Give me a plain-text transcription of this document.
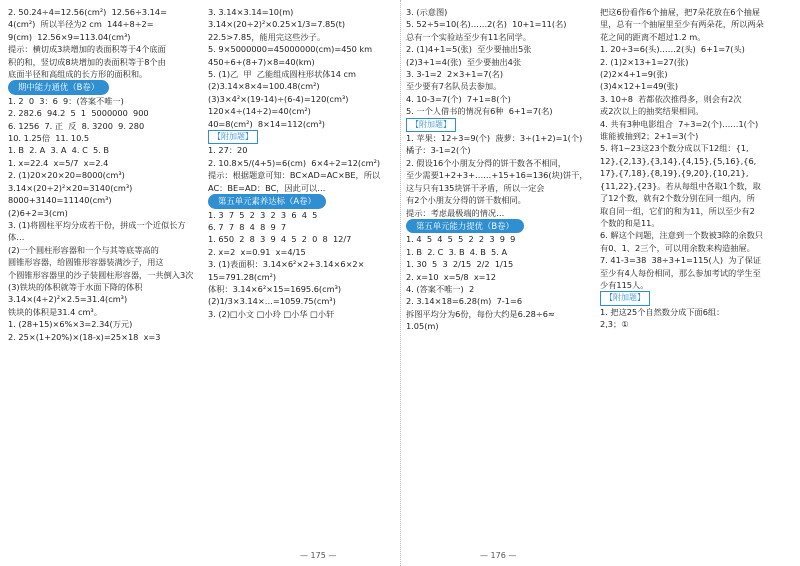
2. 50.24÷4=12.56(cm²)  12.56÷3.14=

4(cm²)  所以半径为2 cm  144÷8÷2=

9(cm)  12.56×9=113.04(cm³)

提示：横切成3块增加的表面积等于4个底面

积的和，竖切成8块增加的表面积等于8个由

底面半径和高组成的长方形的面积和。

期中能力通优（B卷）

1. 2  0  3：6  9：(答案不唯一)

2. 282.6  94.2  5  1  5000000  900

6. 1256  7. 正  反  8. 3200  9. 280

10. 1.25倍  11. 10.5

1. B  2. A  3. A  4. C  5. B

1. x=22.4  x=5/7  x=2.4

2. (1)20×20×20=8000(cm³)

3.14×(20÷2)²×20=3140(cm³)

8000+3140=11140(cm³)

(2)6+2=3(cm)

3. (1)将圆柱平均分成若干份，拼成一个近似长方体…

(2)一个圆柱形容器和一个与其等底等高的

圆锥形容器，给圆锥形容器装满沙子，用这

个圆锥形容器里的沙子装圆柱形容器，一共倒入3次

(3)铁块的体积就等于水面下降的体积

3.14×(4÷2)²×2.5=31.4(cm³)

铁块的体积是31.4 cm³。

1. (28+15)×6%×3=2.34(万元)

2. 25×(1+20%)×(18-x)=25×18  x=3

3. 3.14×3.14=10(m)

3.14×(20÷2)²×0.25×1/3=7.85(t)

22.5>7.85，能用完这些沙子。

5. 9×5000000=45000000(cm)=450 km

450÷6+(8+7)×8=40(km)

5. (1)乙  甲  乙能组成圆柱形状体14 cm

(2)3.14×8×4=100.48(cm²)

(3)3×4²×(19-14)÷(6-4)=120(cm³)

120×4÷(14÷2)=40(cm²)

40=8(cm²)  8×14=112(cm³)

【附加题】

1. 27：20

2. 10.8×5/(4+5)=6(cm)  6×4÷2=12(cm²)

提示：根据题意可知：BC×AD=AC×BE，所以

AC：BE=AD：BC，因此可以…

第五单元素养达标（A卷）

1. 3  7  5  2  3  2  3  6  4  5

6. 7  7  8  4  8  9  7

1. 650  2  8  3  9  4  5  2  0  8  12/7

2. x=2  x=0.91  x=4/15

3. (1)表面积：3.14×6²×2+3.14×6×2×

15=791.28(cm²)

体积：3.14×6²×15=1695.6(cm³)

(2)1/3×3.14×…=1059.75(cm³)

3. (2)□小文 □小玲 □小华 □小轩

3. (示意图)

5. 52÷5=10(名)……2(名)  10+1=11(名)

总有一个实验站至少有11名同学。

2. (1)4+1=5(张)  至少要抽出5张

(2)3+1=4(张)  至少要抽出4张

3. 3-1=2  2×3+1=7(名)

至少要有7名队员去参加。

4. 10-3=7(个)  7+1=8(个)

5. 一个人借书的情况有6种  6+1=7(名)

【附加题】

1. 苹果：12÷3=9(个)  菠萝：3÷(1+2)=1(个)

橘子：3-1=2(个)

2. 假设16个小朋友分得的饼干数各不相同，

至少需要1+2+3+……+15+16=136(块)饼干，

这与只有135块饼干矛盾，所以一定会

有2个小朋友分得的饼干数相同。

提示：考虑最极端的情况…

第五单元能力提优（B卷）

1. 4  5  4  5  5  2  2  3  9  9

1. B  2. C  3. B  4. B  5. A

1. 30  5  3  2/15  2/2  1/15

2. x=10  x=5/8  x=12

4. (答案不唯一)  2

2. 3.14×18=6.28(m)  7-1=6

拆图平均分为6份，每份大约是6.28÷6≈

1.05(m)

把这6份看作6个抽屉，把7朵花放在6个抽屉

里，总有一个抽屉里至少有两朵花，所以两朵

花之间的距离不超过1.2 m。

1. 20÷3=6(头)……2(头)  6+1=7(头)

2. (1)2×13+1=27(张)

(2)2×4+1=9(张)

(3)4×12+1=49(张)

3. 10÷8  若都依次推得多，则会有2次

或2次以上的抽奖结果相同。

4. 共有3种电影组合  7÷3=2(个)……1(个)

谁能被抽到2；2+1=3(个)

5. 将1~23这23个数分成以下12组：{1,

12},{2,13},{3,14},{4,15},{5,16},{6,

17},{7,18},{8,19},{9,20},{10,21},

{11,22},{23}。若从每组中各取1个数，取

了12个数，就有2个数分别在同一组内，所

取自同一组，它们的和为11，所以至少有2

个数的和是11。

6. 解这个问题，注意到一个数被3除的余数只

有0、1、2三个，可以用余数来构造抽屉。

7. 41-3=38  38÷3+1=115(人)  为了保证

至少有4人每份相同，那么参加考试的学生至

少有115人。

【附加题】

1. 把这25个自然数分成下面6组：

2,3；①

— 175 —	— 176 —
